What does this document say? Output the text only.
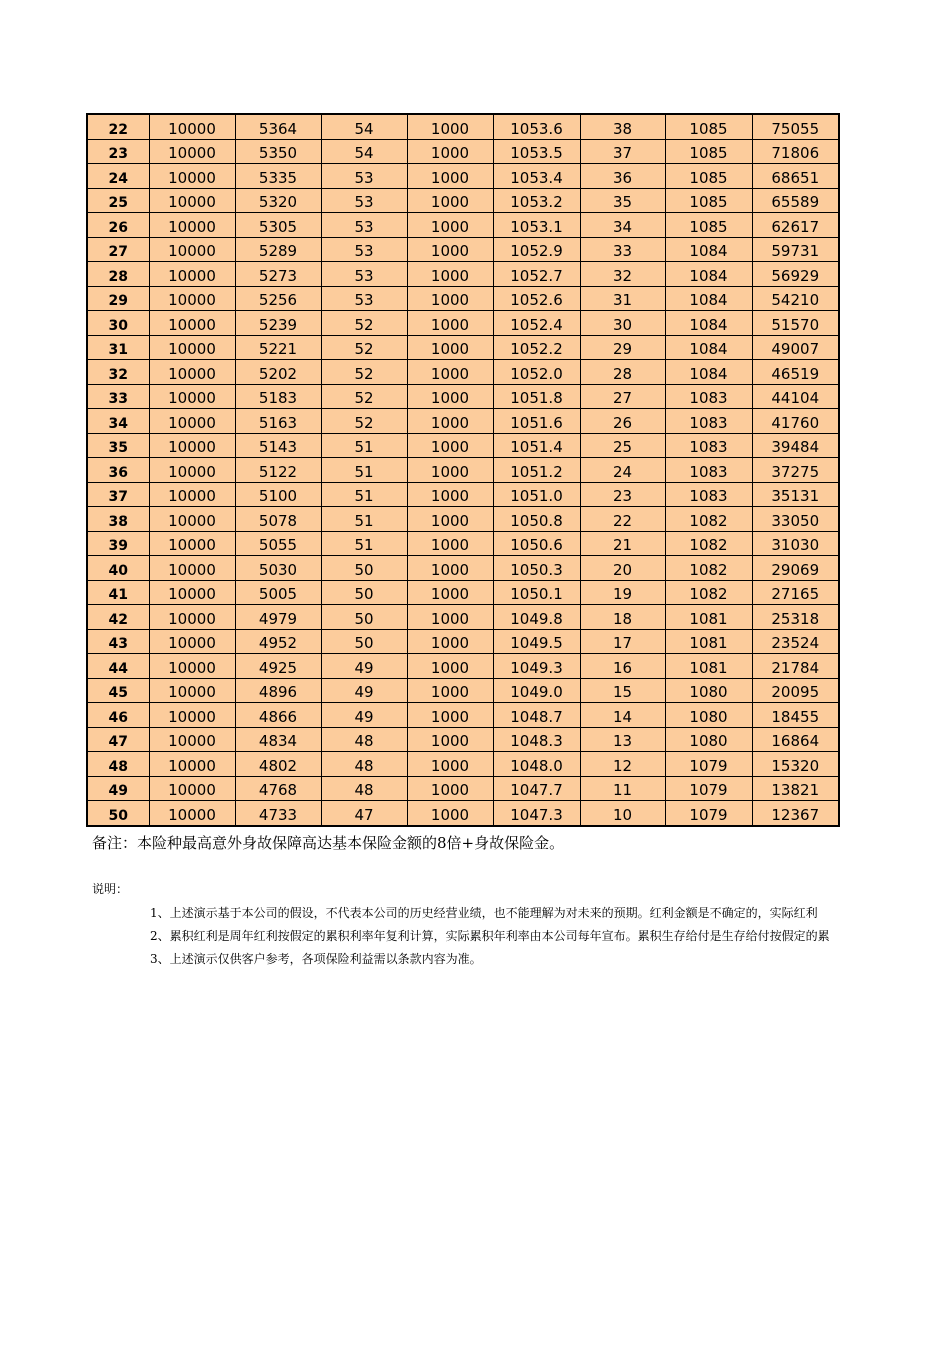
22	10000	5364	54	1000	1053.6	38	1085	75055
23	10000	5350	54	1000	1053.5	37	1085	71806
24	10000	5335	53	1000	1053.4	36	1085	68651
25	10000	5320	53	1000	1053.2	35	1085	65589
26	10000	5305	53	1000	1053.1	34	1085	62617
27	10000	5289	53	1000	1052.9	33	1084	59731
28	10000	5273	53	1000	1052.7	32	1084	56929
29	10000	5256	53	1000	1052.6	31	1084	54210
30	10000	5239	52	1000	1052.4	30	1084	51570
31	10000	5221	52	1000	1052.2	29	1084	49007
32	10000	5202	52	1000	1052.0	28	1084	46519
33	10000	5183	52	1000	1051.8	27	1083	44104
34	10000	5163	52	1000	1051.6	26	1083	41760
35	10000	5143	51	1000	1051.4	25	1083	39484
36	10000	5122	51	1000	1051.2	24	1083	37275
37	10000	5100	51	1000	1051.0	23	1083	35131
38	10000	5078	51	1000	1050.8	22	1082	33050
39	10000	5055	51	1000	1050.6	21	1082	31030
40	10000	5030	50	1000	1050.3	20	1082	29069
41	10000	5005	50	1000	1050.1	19	1082	27165
42	10000	4979	50	1000	1049.8	18	1081	25318
43	10000	4952	50	1000	1049.5	17	1081	23524
44	10000	4925	49	1000	1049.3	16	1081	21784
45	10000	4896	49	1000	1049.0	15	1080	20095
46	10000	4866	49	1000	1048.7	14	1080	18455
47	10000	4834	48	1000	1048.3	13	1080	16864
48	10000	4802	48	1000	1048.0	12	1079	15320
49	10000	4768	48	1000	1047.7	11	1079	13821
50	10000	4733	47	1000	1047.3	10	1079	12367
备注：本险种最高意外身故保障高达基本保险金额的8倍+身故保险金。
说明：
1、上述演示基于本公司的假设，不代表本公司的历史经营业绩，也不能理解为对未来的预期。红利金额是不确定的，实际红利
2、累积红利是周年红利按假定的累积利率年复利计算，实际累积年利率由本公司每年宣布。累积生存给付是生存给付按假定的累
3、上述演示仅供客户参考，各项保险利益需以条款内容为准。
